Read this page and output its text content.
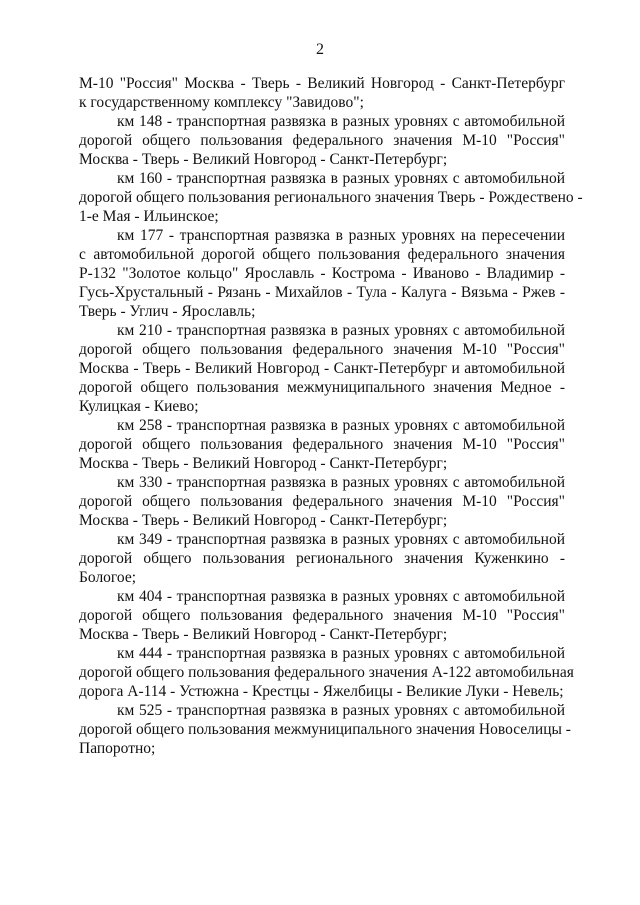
2
М-10 "Россия" Москва - Тверь - Великий Новгород - Санкт-Петербург
к государственному комплексу "Завидово";
км 148 - транспортная развязка в разных уровнях с автомобильной
дорогой общего пользования федерального значения М-10 "Россия"
Москва - Тверь - Великий Новгород - Санкт-Петербург;
км 160 - транспортная развязка в разных уровнях с автомобильной
дорогой общего пользования регионального значения Тверь - Рождествено -
1-е Мая - Ильинское;
км 177 - транспортная развязка в разных уровнях на пересечении
с автомобильной дорогой общего пользования федерального значения
Р-132 "Золотое кольцо" Ярославль - Кострома - Иваново - Владимир -
Гусь-Хрустальный - Рязань - Михайлов - Тула - Калуга - Вязьма - Ржев -
Тверь - Углич - Ярославль;
км 210 - транспортная развязка в разных уровнях с автомобильной
дорогой общего пользования федерального значения М-10 "Россия"
Москва - Тверь - Великий Новгород - Санкт-Петербург и автомобильной
дорогой общего пользования межмуниципального значения Медное -
Кулицкая - Киево;
км 258 - транспортная развязка в разных уровнях с автомобильной
дорогой общего пользования федерального значения М-10 "Россия"
Москва - Тверь - Великий Новгород - Санкт-Петербург;
км 330 - транспортная развязка в разных уровнях с автомобильной
дорогой общего пользования федерального значения М-10 "Россия"
Москва - Тверь - Великий Новгород - Санкт-Петербург;
км 349 - транспортная развязка в разных уровнях с автомобильной
дорогой общего пользования регионального значения Куженкино -
Бологое;
км 404 - транспортная развязка в разных уровнях с автомобильной
дорогой общего пользования федерального значения М-10 "Россия"
Москва - Тверь - Великий Новгород - Санкт-Петербург;
км 444 - транспортная развязка в разных уровнях с автомобильной
дорогой общего пользования федерального значения А-122 автомобильная
дорога А-114 - Устюжна - Крестцы - Яжелбицы - Великие Луки - Невель;
км 525 - транспортная развязка в разных уровнях с автомобильной
дорогой общего пользования межмуниципального значения Новоселицы -
Папоротно;
